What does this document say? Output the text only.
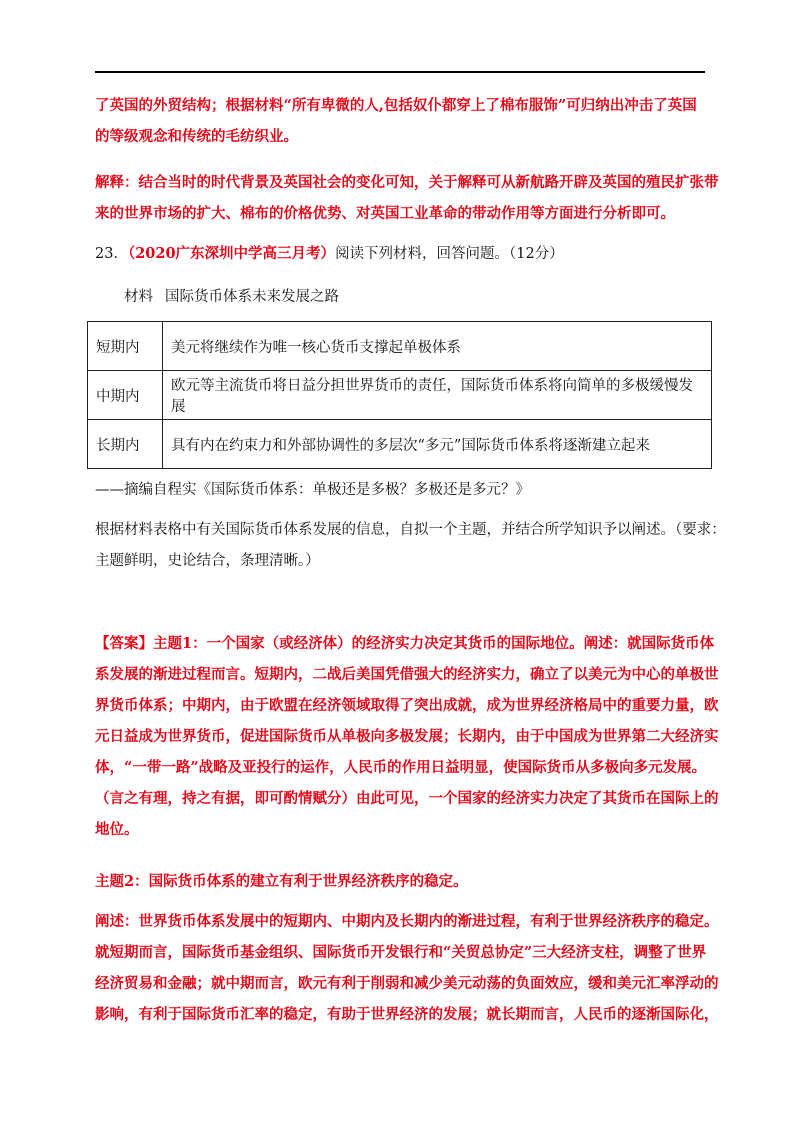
了英国的外贸结构；根据材料“所有卑微的人,包括奴仆都穿上了棉布服饰”可归纳出冲击了英国
的等级观念和传统的毛纺织业。
解释：结合当时的时代背景及英国社会的变化可知，关于解释可从新航路开辟及英国的殖民扩张带
来的世界市场的扩大、棉布的价格优势、对英国工业革命的带动作用等方面进行分析即可。
23．（2020广东深圳中学高三月考）阅读下列材料，回答问题。（12分）
材料 国际货币体系未来发展之路
短期内	美元将继续作为唯一核心货币支撑起单极体系
中期内	欧元等主流货币将日益分担世界货币的责任，国际货币体系将向简单的多极缓慢发展
长期内	具有内在约束力和外部协调性的多层次“多元”国际货币体系将逐渐建立起来
——摘编自程实《国际货币体系：单极还是多极？多极还是多元？》
根据材料表格中有关国际货币体系发展的信息，自拟一个主题，并结合所学知识予以阐述。（要求：
主题鲜明，史论结合，条理清晰。）
【答案】主题1：一个国家（或经济体）的经济实力决定其货币的国际地位。阐述：就国际货币体
系发展的渐进过程而言。短期内，二战后美国凭借强大的经济实力，确立了以美元为中心的单极世
界货币体系；中期内，由于欧盟在经济领域取得了突出成就，成为世界经济格局中的重要力量，欧
元日益成为世界货币，促进国际货币从单极向多极发展；长期内，由于中国成为世界第二大经济实
体，“一带一路”战略及亚投行的运作，人民币的作用日益明显，使国际货币从多极向多元发展。
（言之有理，持之有据，即可酌情赋分）由此可见，一个国家的经济实力决定了其货币在国际上的
地位。
主题2：国际货币体系的建立有利于世界经济秩序的稳定。
阐述：世界货币体系发展中的短期内、中期内及长期内的渐进过程，有利于世界经济秩序的稳定。
就短期而言，国际货币基金组织、国际货币开发银行和“关贸总协定”三大经济支柱，调整了世界
经济贸易和金融；就中期而言，欧元有利于削弱和减少美元动荡的负面效应，缓和美元汇率浮动的
影响，有利于国际货币汇率的稳定，有助于世界经济的发展；就长期而言，人民币的逐渐国际化，
